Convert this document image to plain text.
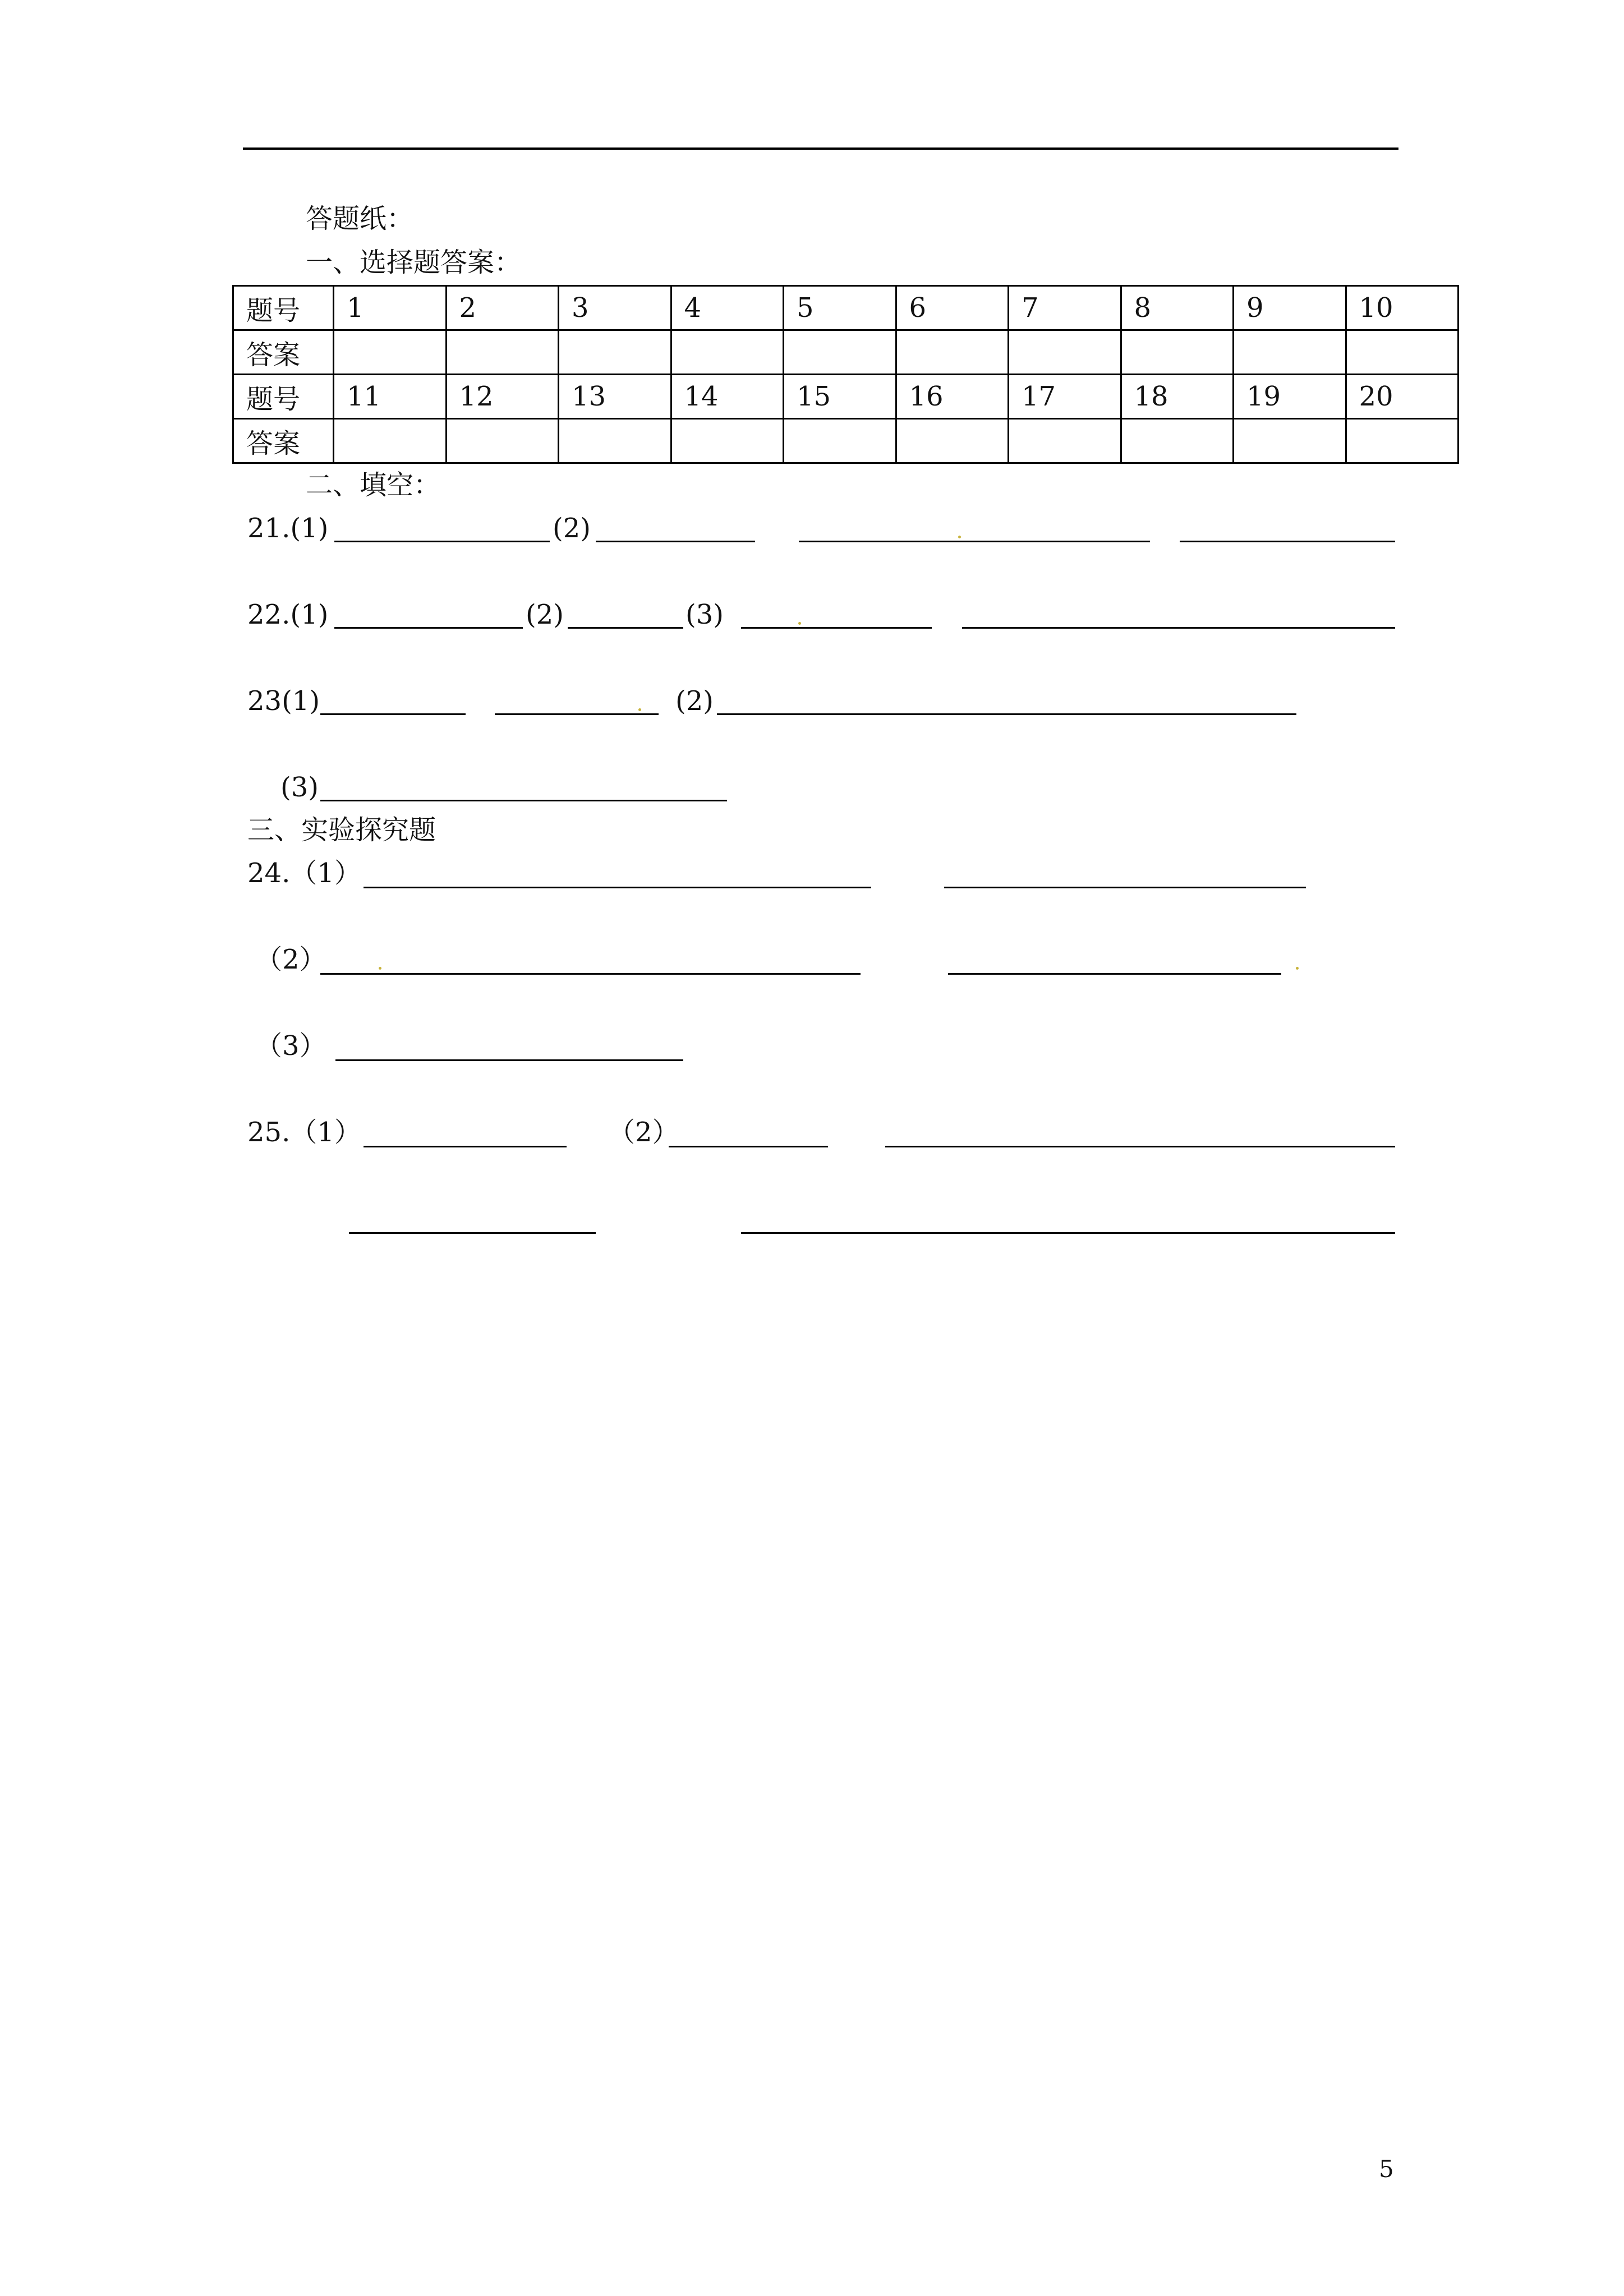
答题纸：
一、选择题答案：
题号	1	2	3	4	5	6	7	8	9	10
答案										
题号	11	12	13	14	15	16	17	18	19	20
答案										
二、填空：
21.(1)	(2)
22.(1)	(2)	(3)
23(1)	(2)
(3)
三、实验探究题
24.（1）
（2）
（3）
25.（1）	（2）
5
